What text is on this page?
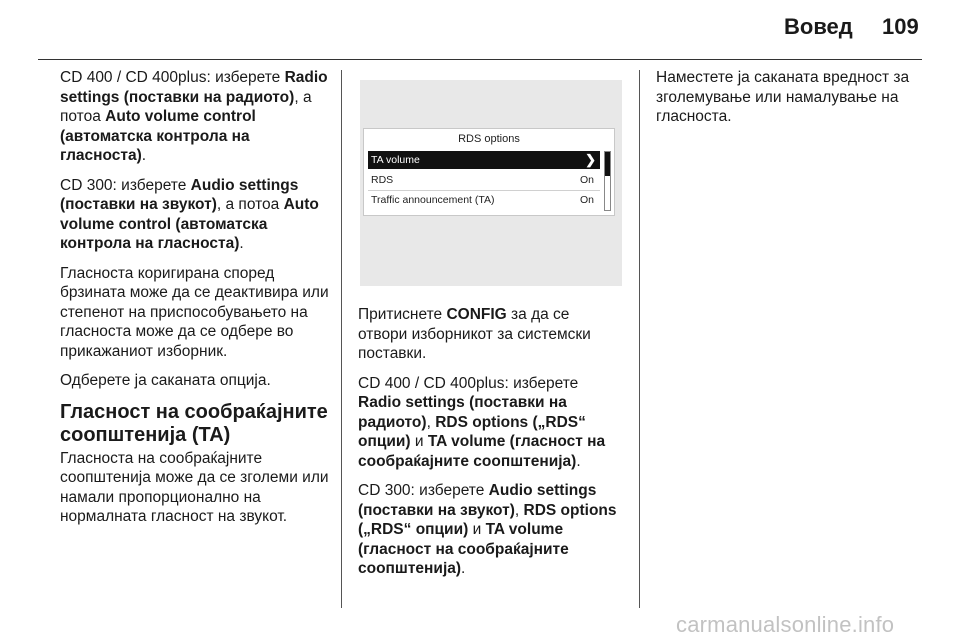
Вовед 109

CD 400 / CD 400plus: изберете Radio settings (поставки на радиото), а потоа Auto volume control (автоматска контрола на гласноста).

CD 300: изберете Audio settings (поставки на звукот), а потоа Auto volume control (автоматска контрола на гласноста).

Гласноста коригирана според брзината може да се деактивира или степенот на приспособувањето на гласноста може да се одбере во прикажаниот изборник.

Одберете ја саканата опција.

Гласност на сообраќајните соопштенија (TA)

Гласноста на сообраќајните соопштенија може да се зголеми или намали пропорционално на нормалната гласност на звукот.

RDS options
TA volume	❯
RDS	On
Traffic announcement (TA)	On

Притиснете CONFIG за да се отвори изборникот за системски поставки.

CD 400 / CD 400plus: изберете Radio settings (поставки на радиото), RDS options („RDS“ опции) и TA volume (гласност на сообраќајните соопштенија).

CD 300: изберете Audio settings (поставки на звукот), RDS options („RDS“ опции) и TA volume (гласност на сообраќајните соопштенија).

Наместете ја саканата вредност за зголемување или намалување на гласноста.

carmanualsonline.info
